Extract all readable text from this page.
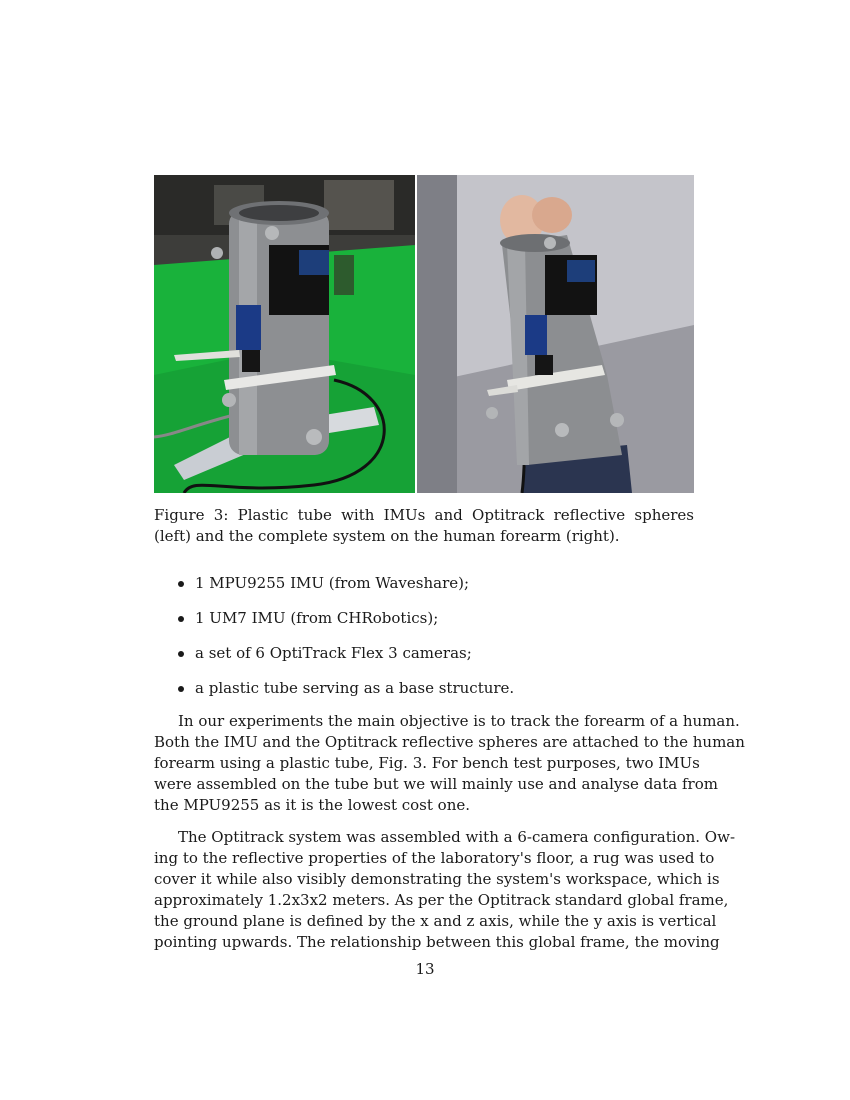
Figure 3: Plastic tube with IMUs and Optitrack reflective spheres (left) and the complete system on the human forearm (right).
1 MPU9255 IMU (from Waveshare);
1 UM7 IMU (from CHRobotics);
a set of 6 OptiTrack Flex 3 cameras;
a plastic tube serving as a base structure.
In our experiments the main objective is to track the forearm of a human.
Both the IMU and the Optitrack reflective spheres are attached to the human
forearm using a plastic tube, Fig. 3. For bench test purposes, two IMUs
were assembled on the tube but we will mainly use and analyse data from
the MPU9255 as it is the lowest cost one.
The Optitrack system was assembled with a 6-camera configuration. Ow-
ing to the reflective properties of the laboratory's floor, a rug was used to
cover it while also visibly demonstrating the system's workspace, which is
approximately 1.2x3x2 meters. As per the Optitrack standard global frame,
the ground plane is defined by the x and z axis, while the y axis is vertical
pointing upwards. The relationship between this global frame, the moving
13
